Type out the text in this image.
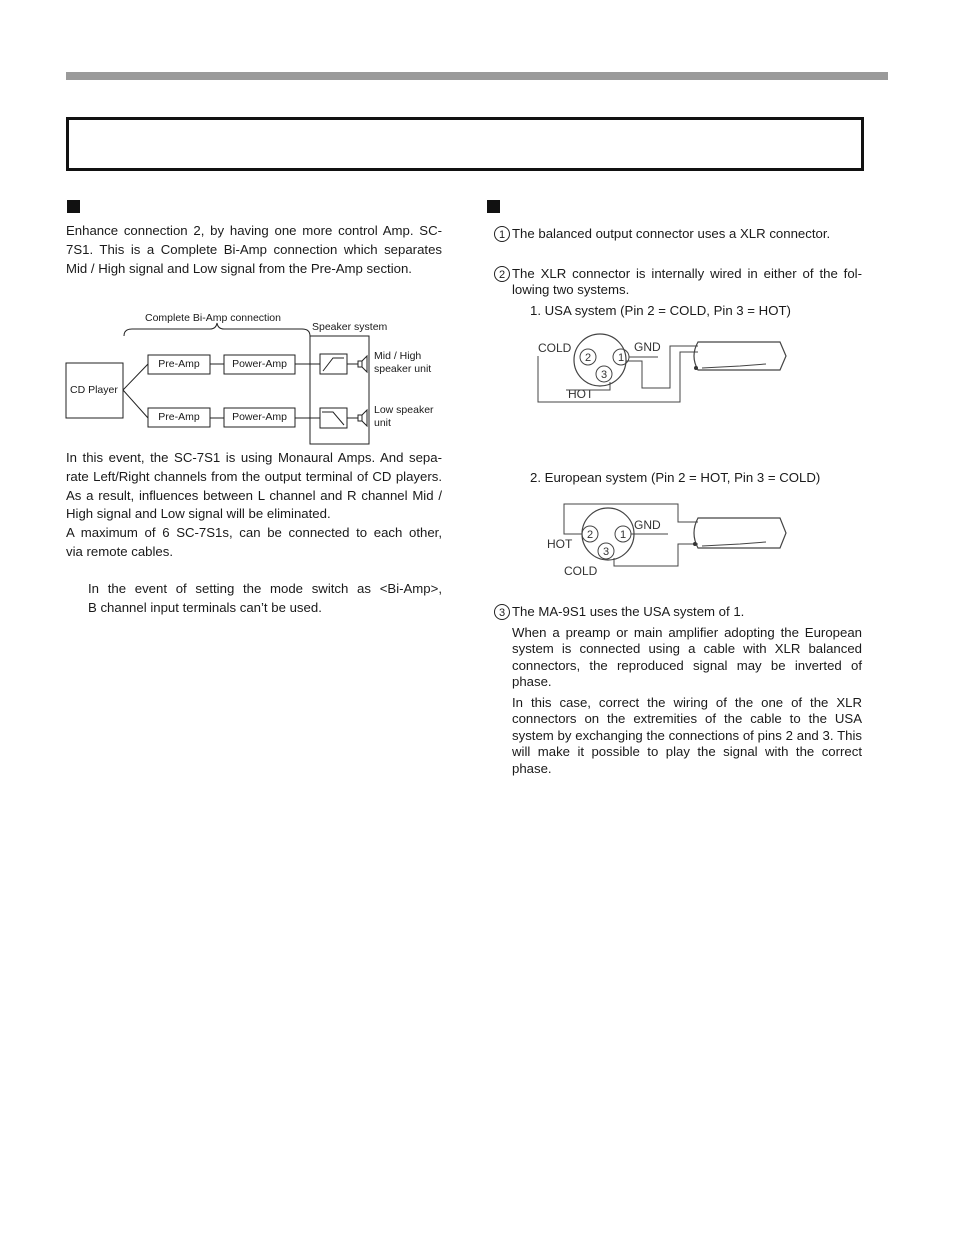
Enhance connection 2, by having one more control Amp. SC-
7S1. This is a Complete Bi-Amp connection which separates
Mid / High signal and Low signal from the Pre-Amp section.
Complete Bi-Amp connection
Speaker system
CD Player
Pre-Amp	Power-Amp
Pre-Amp	Power-Amp
Mid / High
speaker unit
Low speaker
unit
In this event, the SC-7S1 is using Monaural Amps. And sepa-
rate Left/Right channels from the output terminal of CD players.
As a result, influences between L channel and R channel Mid /
High signal and Low signal will be eliminated.
A maximum of 6 SC-7S1s, can be connected to each other,
via remote cables.
In the event of setting the mode switch as <Bi-Amp>,
B channel input terminals can’t be used.
1 The balanced output connector uses a XLR connector.
2 The XLR connector is internally wired in either of the fol-
lowing two systems.
1. USA system (Pin 2 = COLD, Pin 3 = HOT)
2 1
3
COLD
HOT
GND
2. European system (Pin 2 = HOT, Pin 3 = COLD)
2 1
3
HOT
COLD
GND
3 The MA-9S1 uses the USA system of 1.
When a preamp or main amplifier adopting the European system is connected using a cable with XLR balanced connectors, the reproduced signal may be inverted of phase.
In this case, correct the wiring of the one of the XLR connectors on the extremities of the cable to the USA system by exchanging the connections of pins 2 and 3. This will make it possible to play the signal with the correct phase.
